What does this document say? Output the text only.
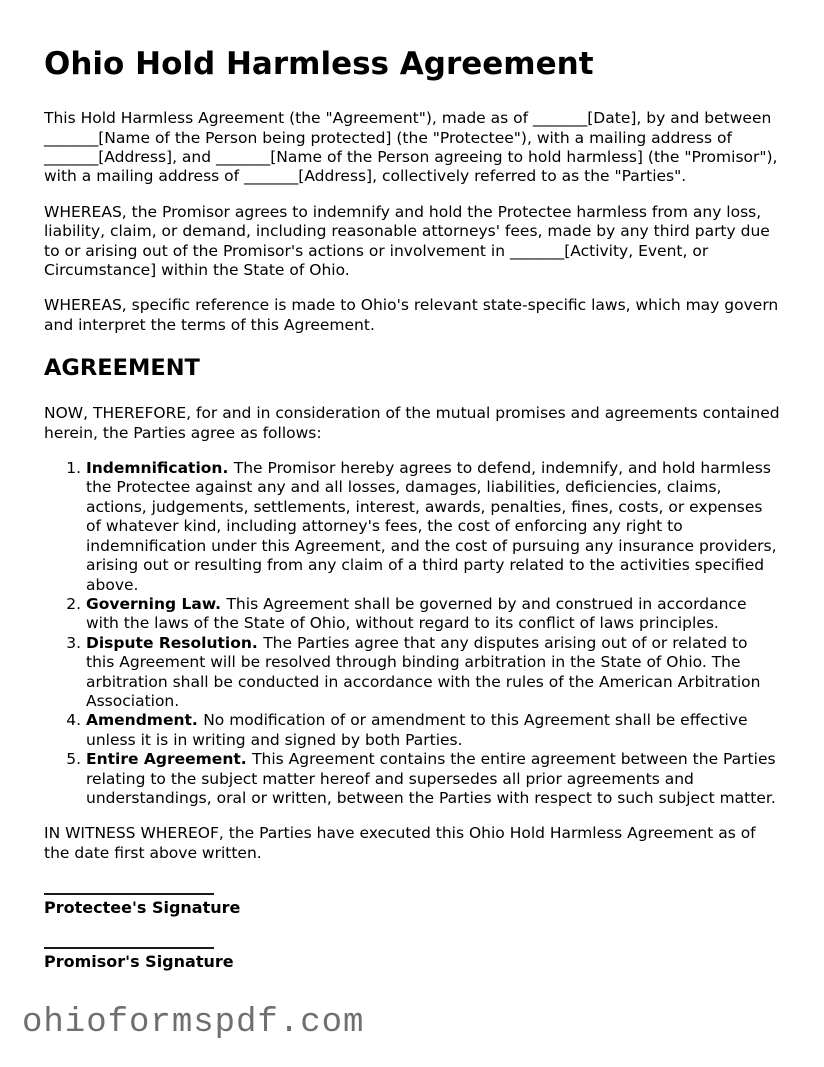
Ohio Hold Harmless Agreement

This Hold Harmless Agreement (the "Agreement"), made as of _______[Date], by and between _______[Name of the Person being protected] (the "Protectee"), with a mailing address of _______[Address], and _______[Name of the Person agreeing to hold harmless] (the "Promisor"), with a mailing address of _______[Address], collectively referred to as the "Parties".

WHEREAS, the Promisor agrees to indemnify and hold the Protectee harmless from any loss, liability, claim, or demand, including reasonable attorneys' fees, made by any third party due to or arising out of the Promisor's actions or involvement in _______[Activity, Event, or Circumstance] within the State of Ohio.

WHEREAS, specific reference is made to Ohio's relevant state-specific laws, which may govern and interpret the terms of this Agreement.

AGREEMENT

NOW, THEREFORE, for and in consideration of the mutual promises and agreements contained herein, the Parties agree as follows:

1. Indemnification. The Promisor hereby agrees to defend, indemnify, and hold harmless the Protectee against any and all losses, damages, liabilities, deficiencies, claims, actions, judgements, settlements, interest, awards, penalties, fines, costs, or expenses of whatever kind, including attorney's fees, the cost of enforcing any right to indemnification under this Agreement, and the cost of pursuing any insurance providers, arising out or resulting from any claim of a third party related to the activities specified above.
2. Governing Law. This Agreement shall be governed by and construed in accordance with the laws of the State of Ohio, without regard to its conflict of laws principles.
3. Dispute Resolution. The Parties agree that any disputes arising out of or related to this Agreement will be resolved through binding arbitration in the State of Ohio. The arbitration shall be conducted in accordance with the rules of the American Arbitration Association.
4. Amendment. No modification of or amendment to this Agreement shall be effective unless it is in writing and signed by both Parties.
5. Entire Agreement. This Agreement contains the entire agreement between the Parties relating to the subject matter hereof and supersedes all prior agreements and understandings, oral or written, between the Parties with respect to such subject matter.

IN WITNESS WHEREOF, the Parties have executed this Ohio Hold Harmless Agreement as of the date first above written.

Protectee's Signature
Promisor's Signature
ohioformspdf.com
